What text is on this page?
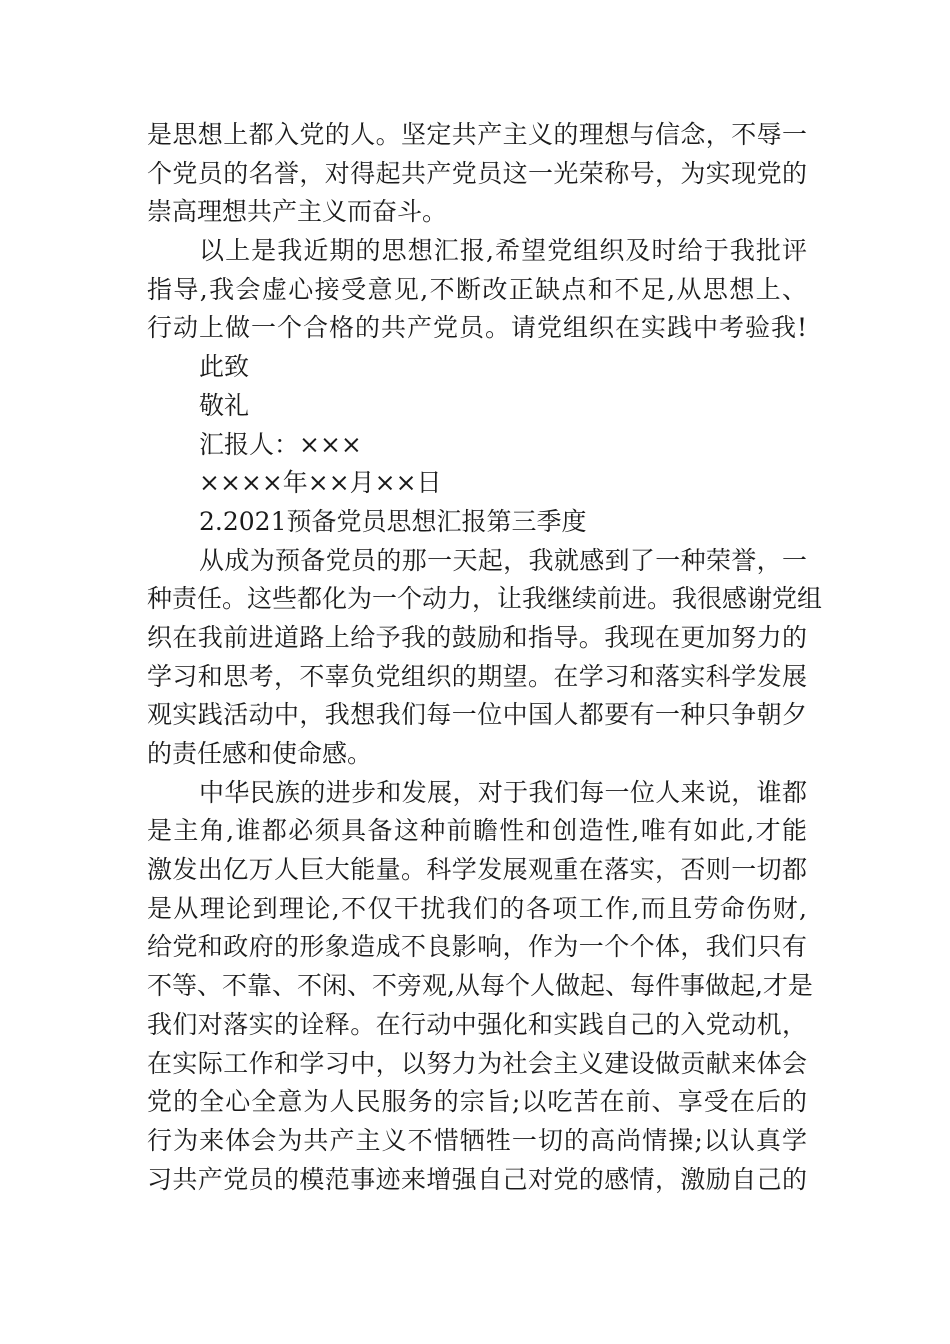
是思想上都入党的人。坚定共产主义的理想与信念，不辱一
个党员的名誉，对得起共产党员这一光荣称号，为实现党的
崇高理想共产主义而奋斗。
以上是我近期的思想汇报,希望党组织及时给于我批评
指导,我会虚心接受意见,不断改正缺点和不足,从思想上、
行动上做一个合格的共产党员。请党组织在实践中考验我!
此致
敬礼
汇报人：×××
××××年××月××日
2.2021预备党员思想汇报第三季度
从成为预备党员的那一天起，我就感到了一种荣誉，一
种责任。这些都化为一个动力，让我继续前进。我很感谢党组
织在我前进道路上给予我的鼓励和指导。我现在更加努力的
学习和思考，不辜负党组织的期望。在学习和落实科学发展
观实践活动中，我想我们每一位中国人都要有一种只争朝夕
的责任感和使命感。
中华民族的进步和发展，对于我们每一位人来说，谁都
是主角,谁都必须具备这种前瞻性和创造性,唯有如此,才能
激发出亿万人巨大能量。科学发展观重在落实，否则一切都
是从理论到理论,不仅干扰我们的各项工作,而且劳命伤财,
给党和政府的形象造成不良影响，作为一个个体，我们只有
不等、不靠、不闲、不旁观,从每个人做起、每件事做起,才是
我们对落实的诠释。在行动中强化和实践自己的入党动机，
在实际工作和学习中，以努力为社会主义建设做贡献来体会
党的全心全意为人民服务的宗旨;以吃苦在前、享受在后的
行为来体会为共产主义不惜牺牲一切的高尚情操;以认真学
习共产党员的模范事迹来增强自己对党的感情，激励自己的
